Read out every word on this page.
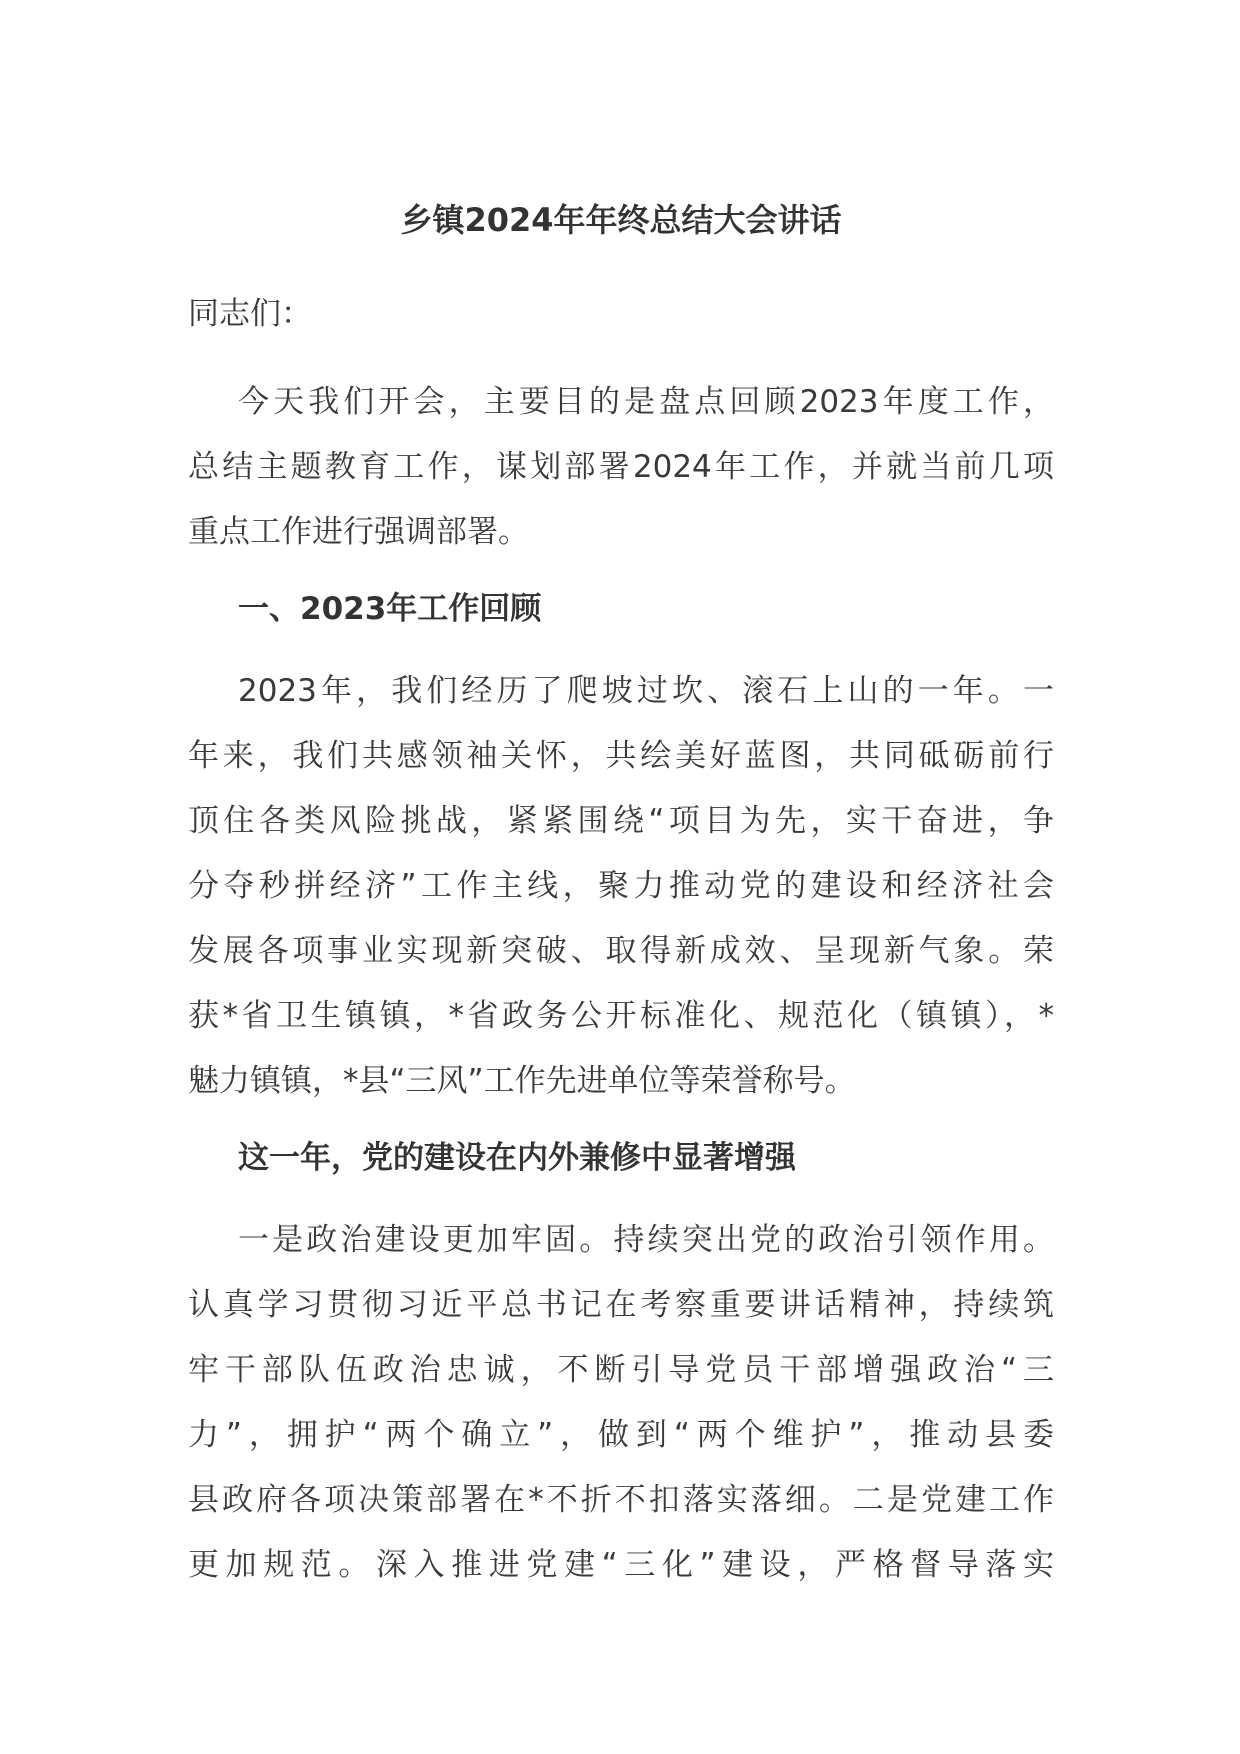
乡镇2024年年终总结大会讲话
同志们：
今天我们开会，主要目的是盘点回顾2023年度工作，
总结主题教育工作，谋划部署2024年工作，并就当前几项
重点工作进行强调部署。
一、2023年工作回顾
2023年，我们经历了爬坡过坎、滚石上山的一年。一
年来，我们共感领袖关怀，共绘美好蓝图，共同砥砺前行
顶住各类风险挑战，紧紧围绕“项目为先，实干奋进，争
分夺秒拼经济”工作主线，聚力推动党的建设和经济社会
发展各项事业实现新突破、取得新成效、呈现新气象。荣
获*省卫生镇镇，*省政务公开标准化、规范化（镇镇），*
魅力镇镇，*县“三风”工作先进单位等荣誉称号。
这一年，党的建设在内外兼修中显著增强
一是政治建设更加牢固。持续突出党的政治引领作用。
认真学习贯彻习近平总书记在考察重要讲话精神，持续筑
牢干部队伍政治忠诚，不断引导党员干部增强政治“三
力”，拥护“两个确立”，做到“两个维护”，推动县委
县政府各项决策部署在*不折不扣落实落细。二是党建工作
更加规范。深入推进党建“三化”建设，严格督导落实
